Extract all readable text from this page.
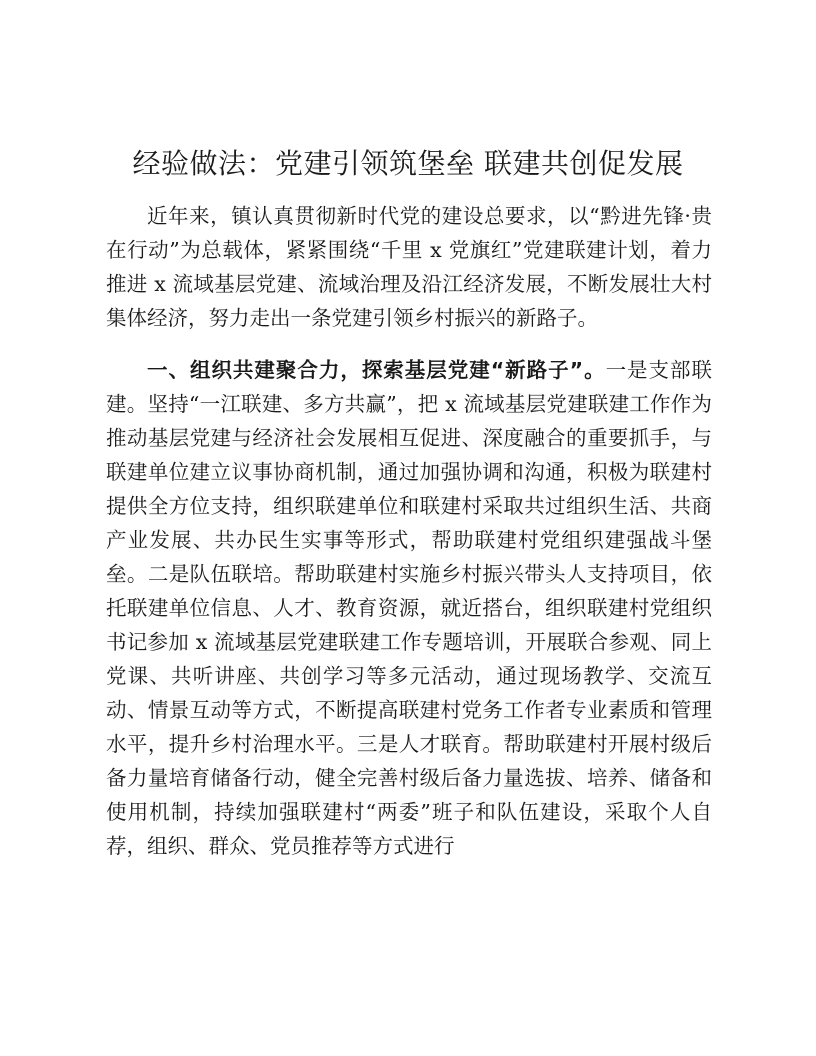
经验做法：党建引领筑堡垒 联建共创促发展

近年来，镇认真贯彻新时代党的建设总要求，以“黔进先锋·贵在行动”为总载体，紧紧围绕“千里 x 党旗红”党建联建计划，着力推进 x 流域基层党建、流域治理及沿江经济发展，不断发展壮大村集体经济，努力走出一条党建引领乡村振兴的新路子。

一、组织共建聚合力，探索基层党建“新路子”。一是支部联建。坚持“一江联建、多方共赢”，把 x 流域基层党建联建工作作为推动基层党建与经济社会发展相互促进、深度融合的重要抓手，与联建单位建立议事协商机制，通过加强协调和沟通，积极为联建村提供全方位支持，组织联建单位和联建村采取共过组织生活、共商产业发展、共办民生实事等形式，帮助联建村党组织建强战斗堡垒。二是队伍联培。帮助联建村实施乡村振兴带头人支持项目，依托联建单位信息、人才、教育资源，就近搭台，组织联建村党组织书记参加 x 流域基层党建联建工作专题培训，开展联合参观、同上党课、共听讲座、共创学习等多元活动，通过现场教学、交流互动、情景互动等方式，不断提高联建村党务工作者专业素质和管理水平，提升乡村治理水平。三是人才联育。帮助联建村开展村级后备力量培育储备行动，健全完善村级后备力量选拔、培养、储备和使用机制，持续加强联建村“两委”班子和队伍建设，采取个人自荐，组织、群众、党员推荐等方式进行
